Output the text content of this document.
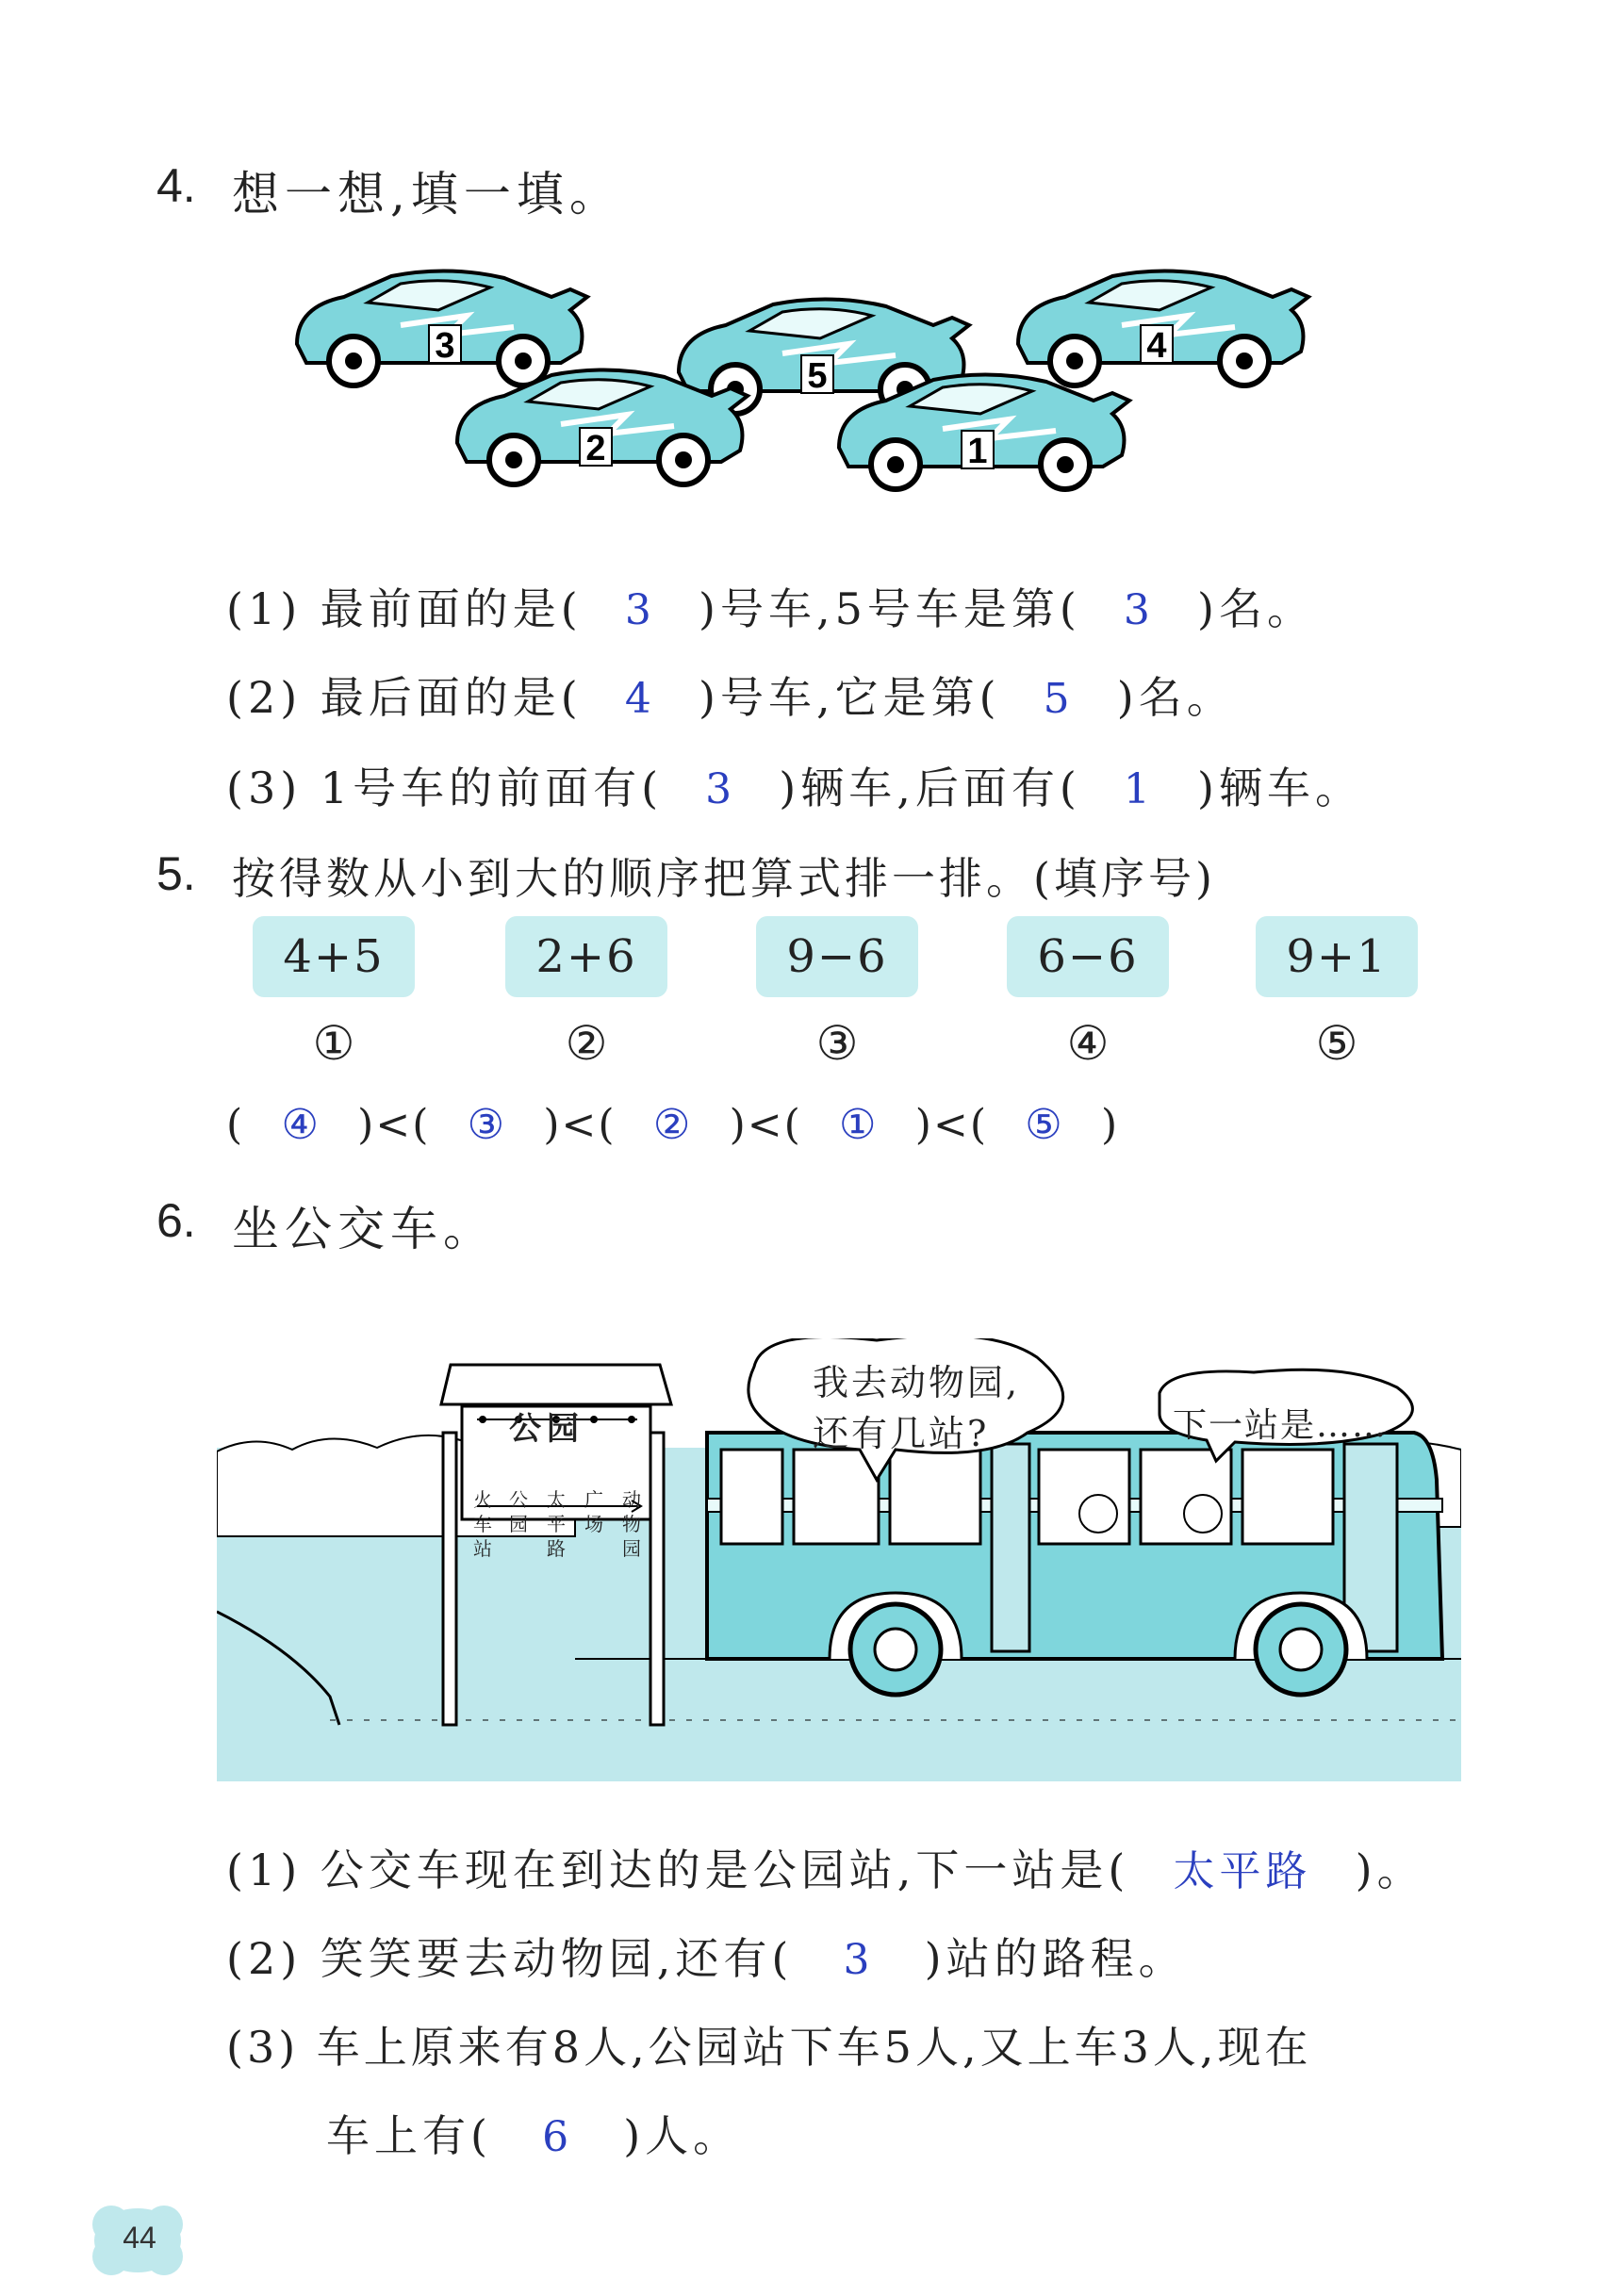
4. 想一想,填一填。
3
5
4
2	1
(1) 最前面的是( 3 )号车,5号车是第( 3 )名。
(2) 最后面的是( 4 )号车,它是第( 5 )名。
(3) 1号车的前面有( 3 )辆车,后面有( 1 )辆车。
5. 按得数从小到大的顺序把算式排一排。(填序号)
4+5	2+6	9−6	6−6	9+1
①	②	③	④	⑤
( ④ )<( ③ )<( ② )<( ① )<( ⑤ )
6. 坐公交车。
公园
火
车
站
公
园
太
平
路
广
场
动
物
园
我去动物园,
还有几站?	下一站是……
(1) 公交车现在到达的是公园站,下一站是( 太平路 )。
(2) 笑笑要去动物园,还有( 3 )站的路程。
(3) 车上原来有8人,公园站下车5人,又上车3人,现在
车上有( 6 )人。
44
